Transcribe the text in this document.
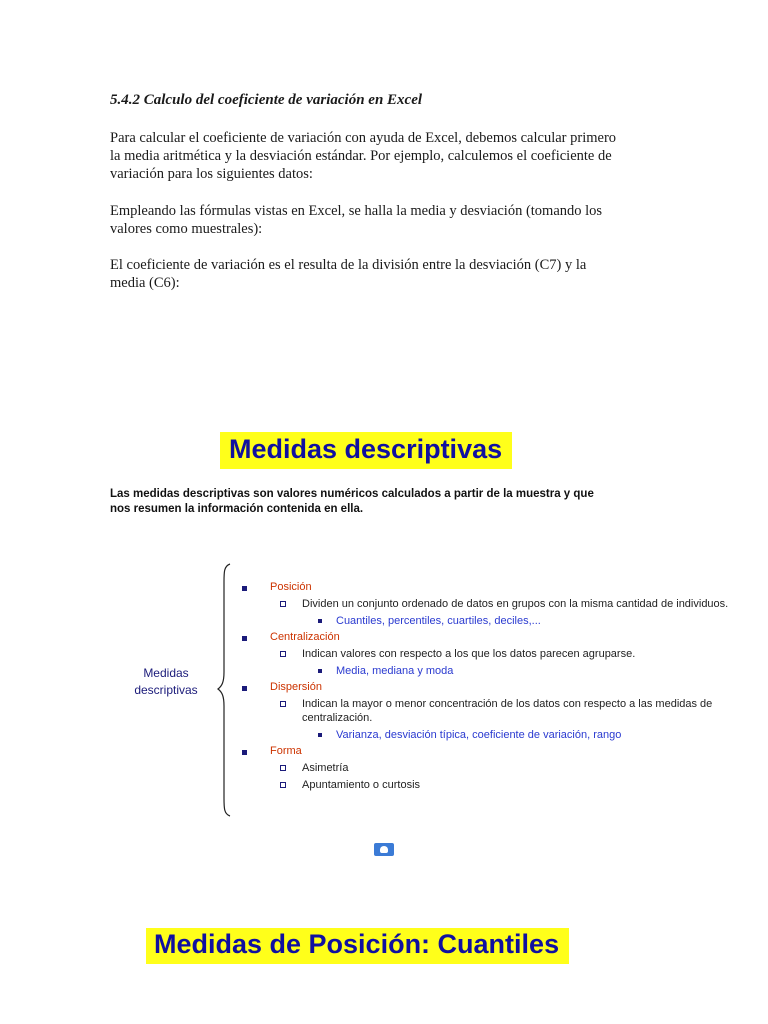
5.4.2 Calculo del coeficiente de variación en Excel
Para calcular el coeficiente de variación con ayuda de Excel, debemos calcular primero
la media aritmética y la desviación estándar. Por ejemplo, calculemos el coeficiente de
variación para los siguientes datos:
Empleando las fórmulas vistas en Excel, se halla la media y desviación (tomando los
valores como muestrales):
El coeficiente de variación es el resulta de la división entre la desviación (C7) y la
media (C6):
Medidas descriptivas
Las medidas descriptivas son valores numéricos calculados a partir de la muestra y que
nos resumen la información contenida en ella.
Medidas
descriptivas
Posición
Dividen un conjunto ordenado de datos en grupos con la misma cantidad de individuos.
Cuantiles, percentiles, cuartiles, deciles,...
Centralización
Indican valores con respecto a los que los datos parecen agruparse.
Media, mediana y moda
Dispersión
Indican la mayor o menor concentración de los datos con respecto a las medidas de
centralización.
Varianza, desviación típica, coeficiente de variación, rango
Forma
Asimetría
Apuntamiento o curtosis
Medidas de Posición: Cuantiles
